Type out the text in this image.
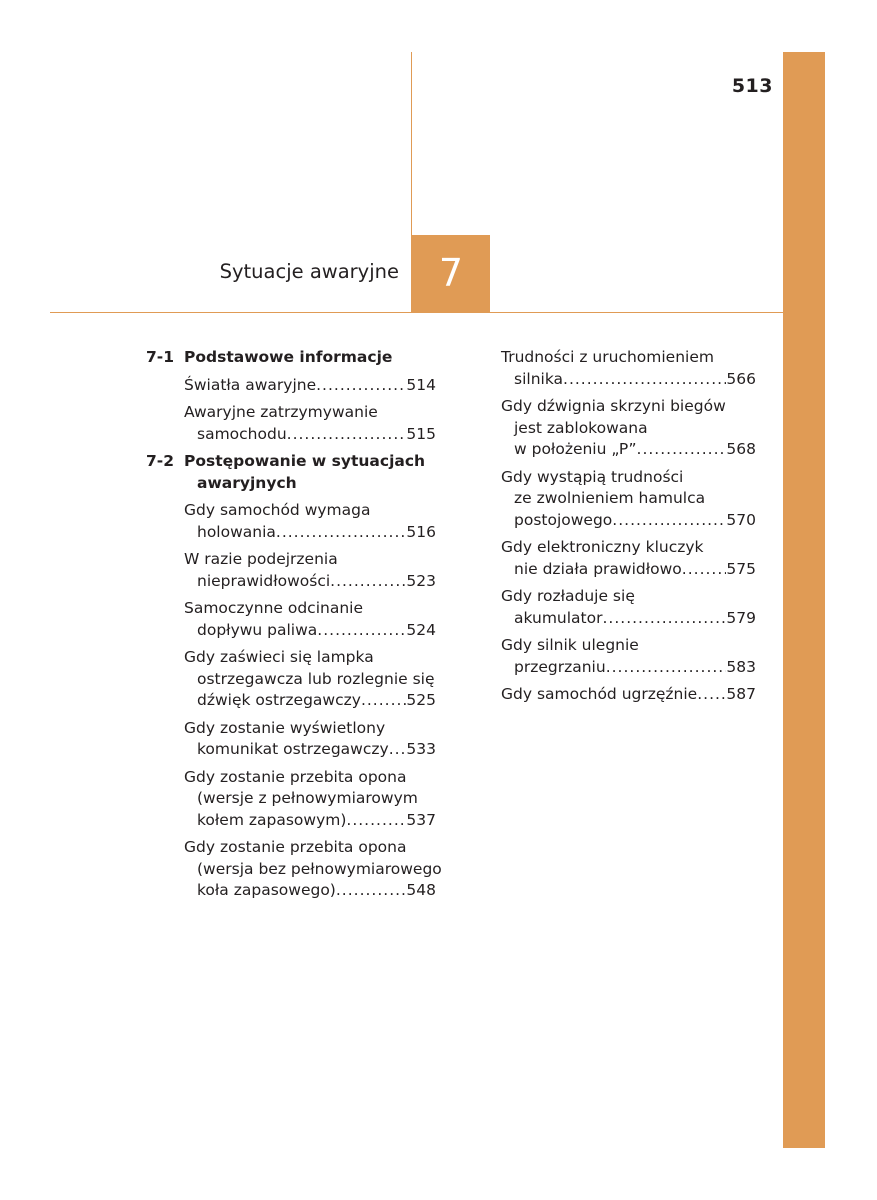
513
Sytuacje awaryjne	7
7-1 Podstawowe informacje
Światła awaryjne .....	514
Awaryjne zatrzymywanie
samochodu .....	515
7-2 Postępowanie w sytuacjach
awaryjnych
Gdy samochód wymaga
holowania .....	516
W razie podejrzenia
nieprawidłowości .....	523
Samoczynne odcinanie
dopływu paliwa .....	524
Gdy zaświeci się lampka
ostrzegawcza lub rozlegnie się
dźwięk ostrzegawczy .....	525
Gdy zostanie wyświetlony
komunikat ostrzegawczy ..... 533
Gdy zostanie przebita opona
(wersje z pełnowymiarowym
kołem zapasowym) .....	537
Gdy zostanie przebita opona
(wersja bez pełnowymiarowego
koła zapasowego) .....	548
Trudności z uruchomieniem
silnika .....	566
Gdy dźwignia skrzyni biegów
jest zablokowana
w położeniu „P” .....	568
Gdy wystąpią trudności
ze zwolnieniem hamulca
postojowego .....	570
Gdy elektroniczny kluczyk
nie działa prawidłowo .....	575
Gdy rozładuje się
akumulator .....	579
Gdy silnik ulegnie
przegrzaniu .....	583
Gdy samochód ugrzęźnie ..... 587
